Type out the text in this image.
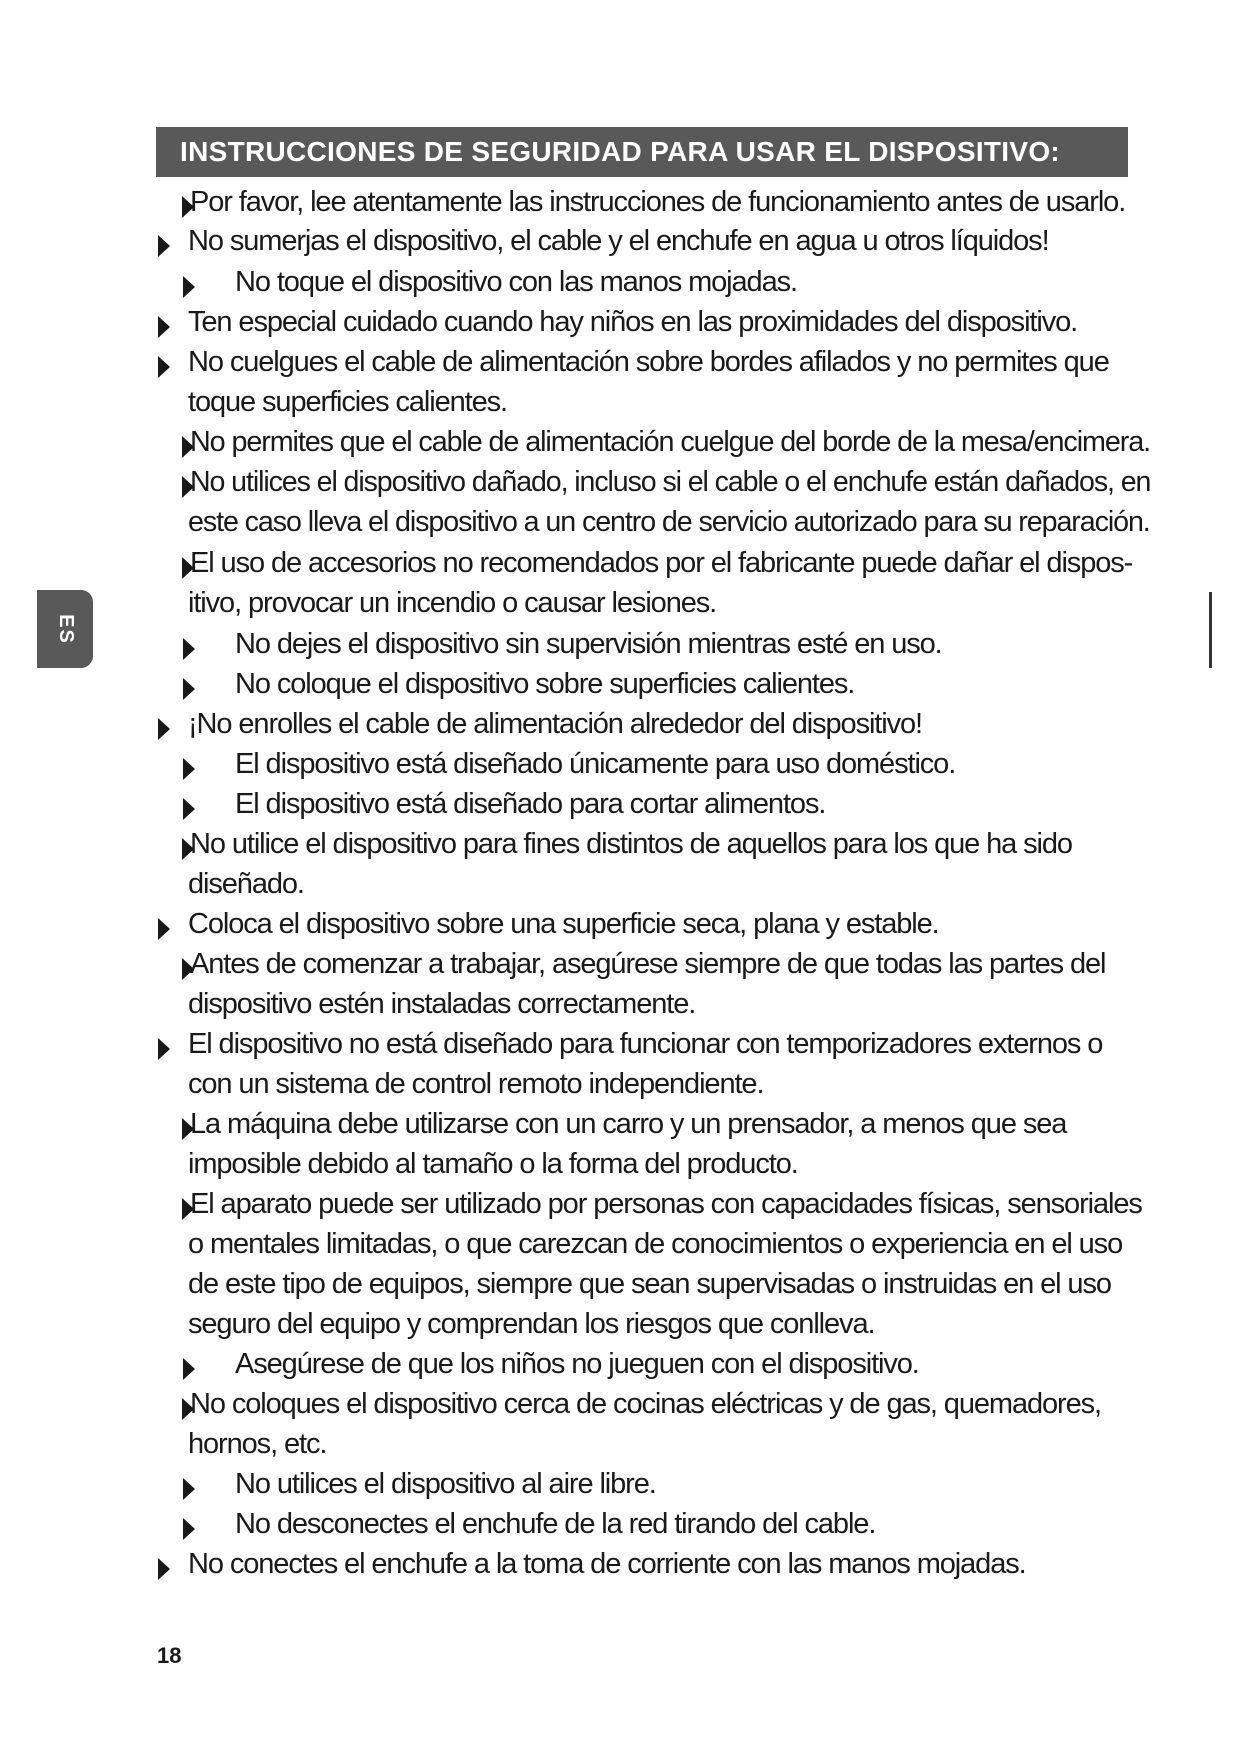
INSTRUCCIONES DE SEGURIDAD PARA USAR EL DISPOSITIVO:
ES
Por favor, lee atentamente las instrucciones de funcionamiento antes de usarlo.
No sumerjas el dispositivo, el cable y el enchufe en agua u otros líquidos!
No toque el dispositivo con las manos mojadas.
Ten especial cuidado cuando hay niños en las proximidades del dispositivo.
No cuelgues el cable de alimentación sobre bordes afilados y no permites que
toque superficies calientes.
No permites que el cable de alimentación cuelgue del borde de la mesa/encimera.
No utilices el dispositivo dañado, incluso si el cable o el enchufe están dañados, en
este caso lleva el dispositivo a un centro de servicio autorizado para su reparación.
El uso de accesorios no recomendados por el fabricante puede dañar el dispos-
itivo, provocar un incendio o causar lesiones.
No dejes el dispositivo sin supervisión mientras esté en uso.
No coloque el dispositivo sobre superficies calientes.
¡No enrolles el cable de alimentación alrededor del dispositivo!
El dispositivo está diseñado únicamente para uso doméstico.
El dispositivo está diseñado para cortar alimentos.
No utilice el dispositivo para fines distintos de aquellos para los que ha sido
diseñado.
Coloca el dispositivo sobre una superficie seca, plana y estable.
Antes de comenzar a trabajar, asegúrese siempre de que todas las partes del
dispositivo estén instaladas correctamente.
El dispositivo no está diseñado para funcionar con temporizadores externos o
con un sistema de control remoto independiente.
La máquina debe utilizarse con un carro y un prensador, a menos que sea
imposible debido al tamaño o la forma del producto.
El aparato puede ser utilizado por personas con capacidades físicas, sensoriales
o mentales limitadas, o que carezcan de conocimientos o experiencia en el uso
de este tipo de equipos, siempre que sean supervisadas o instruidas en el uso
seguro del equipo y comprendan los riesgos que conlleva.
Asegúrese de que los niños no jueguen con el dispositivo.
No coloques el dispositivo cerca de cocinas eléctricas y de gas, quemadores,
hornos, etc.
No utilices el dispositivo al aire libre.
No desconectes el enchufe de la red tirando del cable.
No conectes el enchufe a la toma de corriente con las manos mojadas.
18
